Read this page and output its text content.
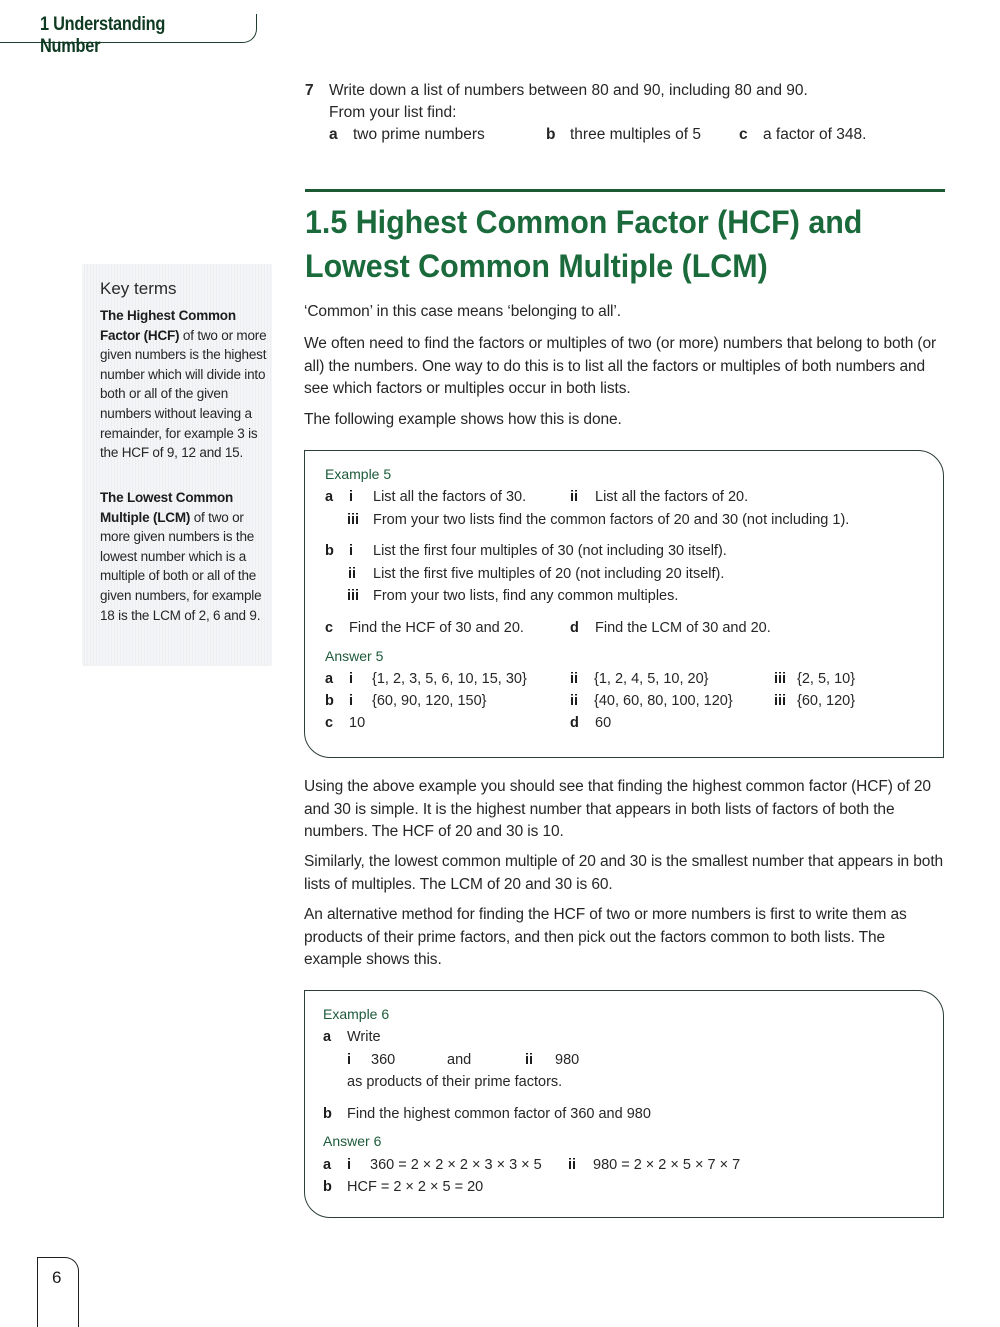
1 Understanding Number
7 Write down a list of numbers between 80 and 90, including 80 and 90.
From your list find:
a two prime numbers	b three multiples of 5 c a factor of 348.
1.5 Highest Common Factor (HCF) and
Lowest Common Multiple (LCM)
Key terms
The Highest Common Factor (HCF) of two or more given numbers is the highest number which will divide into both or all of the given numbers without leaving a remainder, for example 3 is the HCF of 9, 12 and 15.
The Lowest Common Multiple (LCM) of two or more given numbers is the lowest number which is a multiple of both or all of the given numbers, for example 18 is the LCM of 2, 6 and 9.
‘Common’ in this case means ‘belonging to all’.
We often need to find the factors or multiples of two (or more) numbers that belong to both (or all) the numbers. One way to do this is to list all the factors or multiples of both numbers and see which factors or multiples occur in both lists.
The following example shows how this is done.
Example 5
a i List all the factors of 30.	ii List all the factors of 20.
iii From your two lists find the common factors of 20 and 30 (not including 1).
b i List the first four multiples of 30 (not including 30 itself).
ii List the first five multiples of 20 (not including 20 itself).
iii From your two lists, find any common multiples.
c Find the HCF of 30 and 20.	d Find the LCM of 30 and 20.
Answer 5
a i {1, 2, 3, 5, 6, 10, 15, 30}	ii {1, 2, 4, 5, 10, 20}	iii {2, 5, 10}
b i {60, 90, 120, 150}	ii {40, 60, 80, 100, 120}	iii {60, 120}
c 10	d 60
Using the above example you should see that finding the highest common factor (HCF) of 20 and 30 is simple. It is the highest number that appears in both lists of factors of both the numbers. The HCF of 20 and 30 is 10.
Similarly, the lowest common multiple of 20 and 30 is the smallest number that appears in both lists of multiples. The LCM of 20 and 30 is 60.
An alternative method for finding the HCF of two or more numbers is first to write them as products of their prime factors, and then pick out the factors common to both lists. The example shows this.
Example 6
a Write
i 360	and	ii 980
as products of their prime factors.
b Find the highest common factor of 360 and 980
Answer 6
a i 360 = 2 × 2 × 2 × 3 × 3 × 5 ii 980 = 2 × 2 × 5 × 7 × 7
b HCF = 2 × 2 × 5 = 20
6
